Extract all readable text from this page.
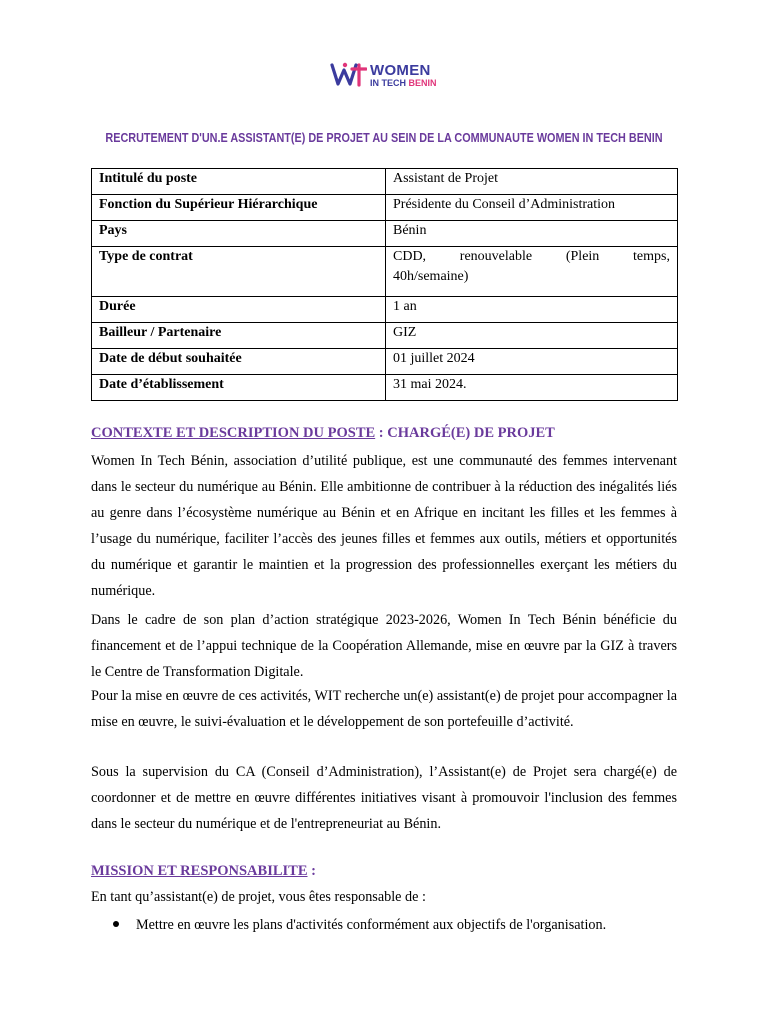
WOMEN
IN TECH BENIN
RECRUTEMENT D'UN.E ASSISTANT(E) DE PROJET AU SEIN DE LA COMMUNAUTE WOMEN IN TECH BENIN
Intitulé du poste	Assistant de Projet
Fonction du Supérieur Hiérarchique	Présidente du Conseil d’Administration
Pays	Bénin
Type de contrat	CDD, renouvelable (Plein temps,
40h/semaine)

Durée	1 an
Bailleur / Partenaire	GIZ
Date de début souhaitée	01 juillet 2024
Date d’établissement	31 mai 2024.
CONTEXTE ET DESCRIPTION DU POSTE : CHARGÉ(E) DE PROJET
Women In Tech Bénin, association d’utilité publique, est une communauté des femmes intervenant dans le secteur du numérique au Bénin. Elle ambitionne de contribuer à la réduction des inégalités liés au genre dans l’écosystème numérique au Bénin et en Afrique en incitant les filles et les femmes à l’usage du numérique, faciliter l’accès des jeunes filles et femmes aux outils, métiers et opportunités du numérique et garantir le maintien et la progression des professionnelles exerçant les métiers du numérique.
Dans le cadre de son plan d’action stratégique 2023-2026, Women In Tech Bénin bénéficie du financement et de l’appui technique de la Coopération Allemande, mise en œuvre par la GIZ à travers le Centre de Transformation Digitale.
Pour la mise en œuvre de ces activités, WIT recherche un(e) assistant(e) de projet pour accompagner la mise en œuvre, le suivi-évaluation et le développement de son portefeuille d’activité.
Sous la supervision du CA (Conseil d’Administration), l’Assistant(e) de Projet sera chargé(e) de coordonner et de mettre en œuvre différentes initiatives visant à promouvoir l'inclusion des femmes dans le secteur du numérique et de l'entrepreneuriat au Bénin.
MISSION ET RESPONSABILITE :
En tant qu’assistant(e) de projet, vous êtes responsable de :
Mettre en œuvre les plans d'activités conformément aux objectifs de l'organisation.
